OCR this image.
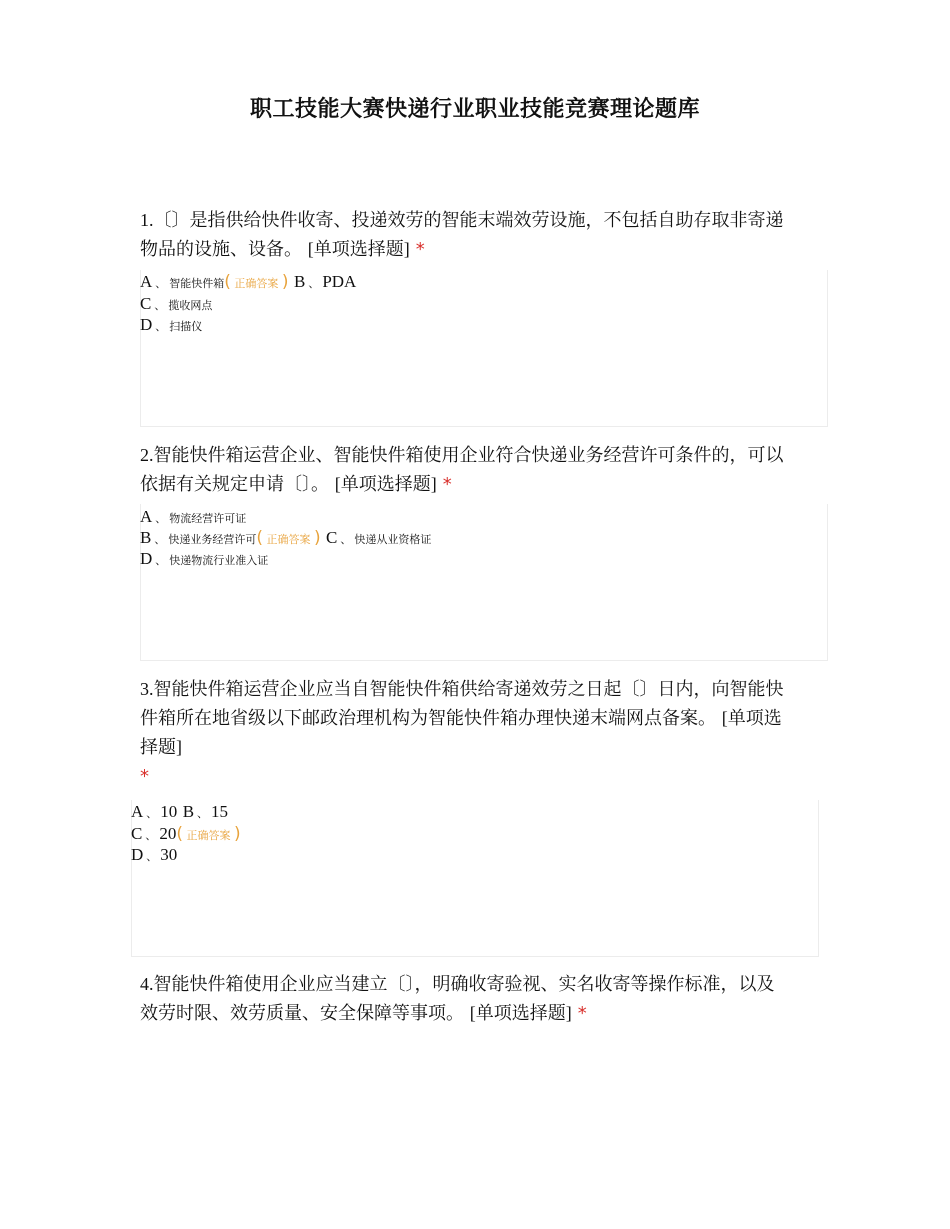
职工技能大赛快递行业职业技能竞赛理论题库
1.〔〕是指供给快件收寄、投递效劳的智能末端效劳设施，不包括自助存取非寄递
物品的设施、设备。 [单项选择题] *
A 、 智能快件箱( 正确答案 ) B 、 PDA
C 、 揽收网点
D 、 扫描仪
2.智能快件箱运营企业、智能快件箱使用企业符合快递业务经营许可条件的，可以
依据有关规定申请〔〕。 [单项选择题] *
A 、 物流经营许可证
B 、 快递业务经营许可( 正确答案 ) C 、 快递从业资格证
D 、 快递物流行业准入证
3.智能快件箱运营企业应当自智能快件箱供给寄递效劳之日起〔〕日内，向智能快
件箱所在地省级以下邮政治理机构为智能快件箱办理快递末端网点备案。 [单项选
择题]
*
A 、 10 B 、 15
C 、 20( 正确答案 )
D 、 30
4.智能快件箱使用企业应当建立〔〕，明确收寄验视、实名收寄等操作标准，以及
效劳时限、效劳质量、安全保障等事项。 [单项选择题] *
